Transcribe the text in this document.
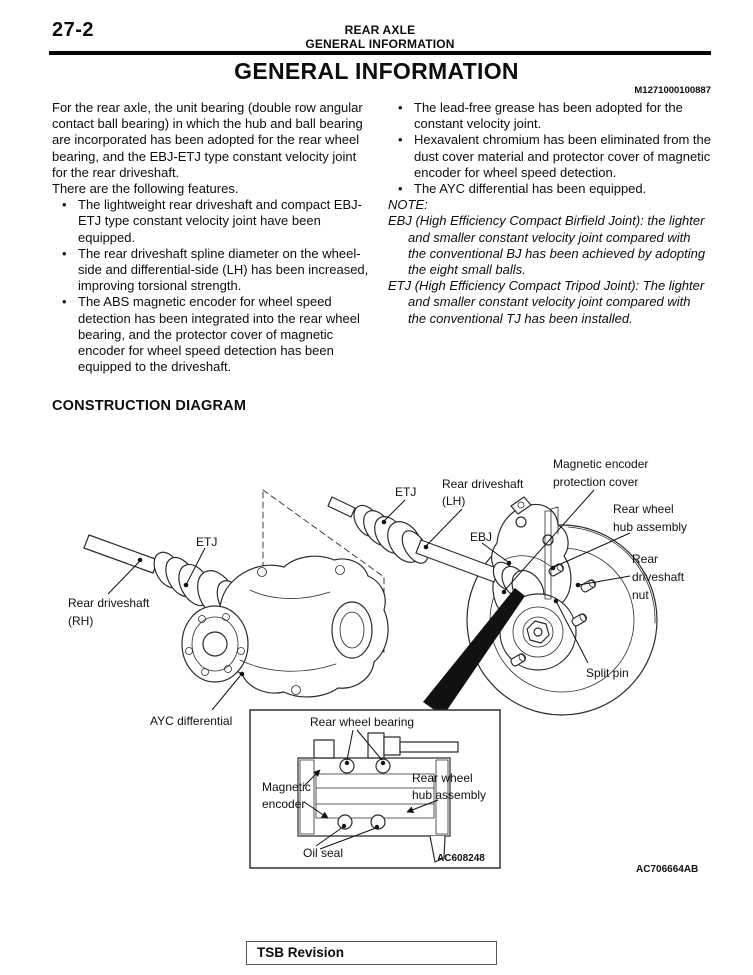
27-2	REAR AXLE
GENERAL INFORMATION
GENERAL INFORMATION
M1271000100887

For the rear axle, the unit bearing (double row angular contact ball bearing) in which the hub and ball bearing are incorporated has been adopted for the rear wheel bearing, and the EBJ-ETJ type constant velocity joint for the rear driveshaft.

There are the following features.

• The lightweight rear driveshaft and compact EBJ-ETJ type constant velocity joint have been equipped.
• The rear driveshaft spline diameter on the wheel-side and differential-side (LH) has been increased, improving torsional strength.
• The ABS magnetic encoder for wheel speed detection has been integrated into the rear wheel bearing, and the protector cover of magnetic encoder for wheel speed detection has been equipped to the driveshaft.
• The lead-free grease has been adopted for the constant velocity joint.
• Hexavalent chromium has been eliminated from the dust cover material and protector cover of magnetic encoder for wheel speed detection.
• The AYC differential has been equipped.

NOTE:

EBJ (High Efficiency Compact Birfield Joint): the lighter and smaller constant velocity joint compared with the conventional BJ has been achieved by adopting the eight small balls.
ETJ (High Efficiency Compact Tripod Joint): The lighter and smaller constant velocity joint compared with the conventional TJ has been installed.
CONSTRUCTION DIAGRAM
ETJ
Rear driveshaft
(LH)
EBJ
Magnetic encoder
protection cover
Rear wheel
hub assembly
Rear
driveshaft
nut
Split pin
ETJ
Rear driveshaft
(RH)
AYC differential
AC706664AB
Rear wheel bearing
Magnetic
encoder
Rear wheel
hub assembly
Oil seal	AC608248
TSB Revision
